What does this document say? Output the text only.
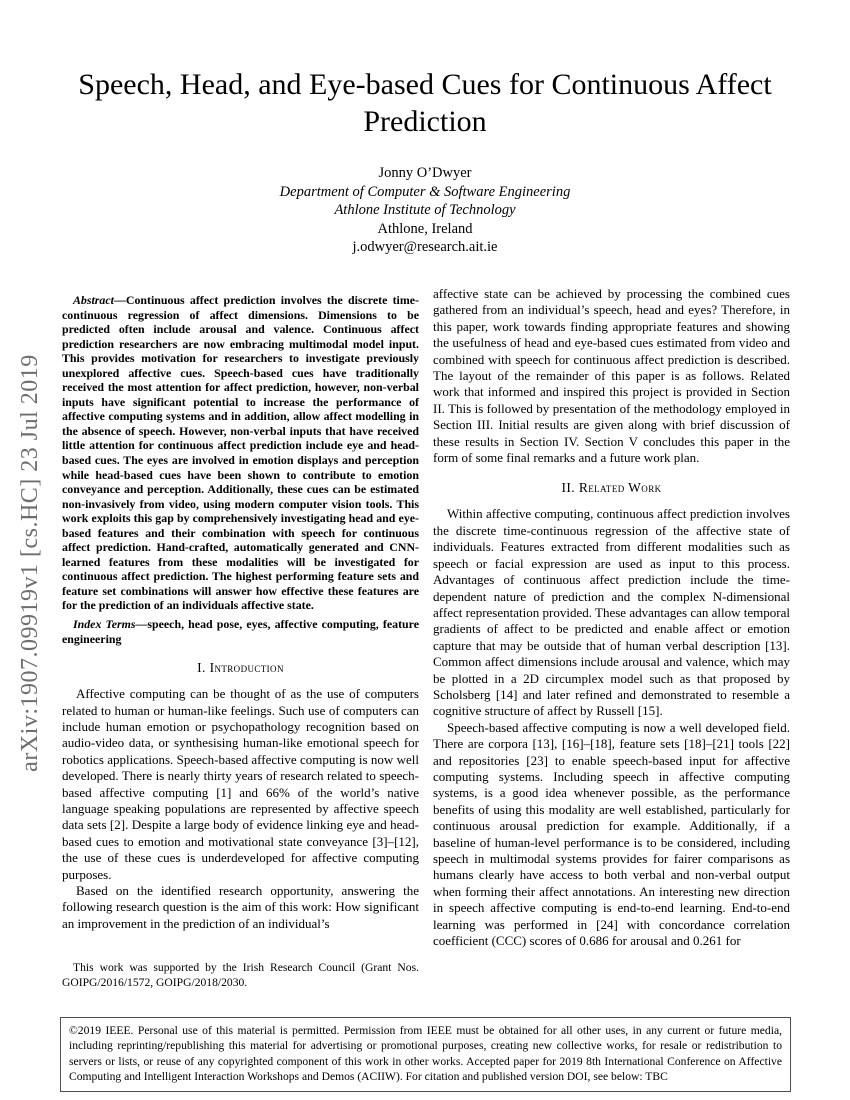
arXiv:1907.09919v1 [cs.HC] 23 Jul 2019
Speech, Head, and Eye-based Cues for Continuous Affect Prediction
Jonny O’Dwyer
Department of Computer & Software Engineering
Athlone Institute of Technology
Athlone, Ireland
j.odwyer@research.ait.ie

Abstract—Continuous affect prediction involves the discrete time-continuous regression of affect dimensions. Dimensions to be predicted often include arousal and valence. Continuous affect prediction researchers are now embracing multimodal model input. This provides motivation for researchers to investigate previously unexplored affective cues. Speech-based cues have traditionally received the most attention for affect prediction, however, non-verbal inputs have significant potential to increase the performance of affective computing systems and in addition, allow affect modelling in the absence of speech. However, non-verbal inputs that have received little attention for continuous affect prediction include eye and head-based cues. The eyes are involved in emotion displays and perception while head-based cues have been shown to contribute to emotion conveyance and perception. Additionally, these cues can be estimated non-invasively from video, using modern computer vision tools. This work exploits this gap by comprehensively investigating head and eye-based features and their combination with speech for continuous affect prediction. Hand-crafted, automatically generated and CNN-learned features from these modalities will be investigated for continuous affect prediction. The highest performing feature sets and feature set combinations will answer how effective these features are for the prediction of an individuals affective state.

Index Terms—speech, head pose, eyes, affective computing, feature engineering

I. Introduction

Affective computing can be thought of as the use of computers related to human or human-like feelings. Such use of computers can include human emotion or psychopathology recognition based on audio-video data, or synthesising human-like emotional speech for robotics applications. Speech-based affective computing is now well developed. There is nearly thirty years of research related to speech-based affective computing [1] and 66% of the world’s native language speaking populations are represented by affective speech data sets [2]. Despite a large body of evidence linking eye and head-based cues to emotion and motivational state conveyance [3]–[12], the use of these cues is underdeveloped for affective computing purposes.

Based on the identified research opportunity, answering the following research question is the aim of this work: How significant an improvement in the prediction of an individual’s

This work was supported by the Irish Research Council (Grant Nos. GOIPG/2016/1572, GOIPG/2018/2030.

affective state can be achieved by processing the combined cues gathered from an individual’s speech, head and eyes? Therefore, in this paper, work towards finding appropriate features and showing the usefulness of head and eye-based cues estimated from video and combined with speech for continuous affect prediction is described. The layout of the remainder of this paper is as follows. Related work that informed and inspired this project is provided in Section II. This is followed by presentation of the methodology employed in Section III. Initial results are given along with brief discussion of these results in Section IV. Section V concludes this paper in the form of some final remarks and a future work plan.

II. Related Work

Within affective computing, continuous affect prediction involves the discrete time-continuous regression of the affective state of individuals. Features extracted from different modalities such as speech or facial expression are used as input to this process. Advantages of continuous affect prediction include the time-dependent nature of prediction and the complex N-dimensional affect representation provided. These advantages can allow temporal gradients of affect to be predicted and enable affect or emotion capture that may be outside that of human verbal description [13]. Common affect dimensions include arousal and valence, which may be plotted in a 2D circumplex model such as that proposed by Scholsberg [14] and later refined and demonstrated to resemble a cognitive structure of affect by Russell [15].

Speech-based affective computing is now a well developed field. There are corpora [13], [16]–[18], feature sets [18]–[21] tools [22] and repositories [23] to enable speech-based input for affective computing systems. Including speech in affective computing systems, is a good idea whenever possible, as the performance benefits of using this modality are well established, particularly for continuous arousal prediction for example. Additionally, if a baseline of human-level performance is to be considered, including speech in multimodal systems provides for fairer comparisons as humans clearly have access to both verbal and non-verbal output when forming their affect annotations. An interesting new direction in speech affective computing is end-to-end learning. End-to-end learning was performed in [24] with concordance correlation coefficient (CCC) scores of 0.686 for arousal and 0.261 for

©2019 IEEE. Personal use of this material is permitted. Permission from IEEE must be obtained for all other uses, in any current or future media, including reprinting/republishing this material for advertising or promotional purposes, creating new collective works, for resale or redistribution to servers or lists, or reuse of any copyrighted component of this work in other works. Accepted paper for 2019 8th International Conference on Affective Computing and Intelligent Interaction Workshops and Demos (ACIIW). For citation and published version DOI, see below: TBC
